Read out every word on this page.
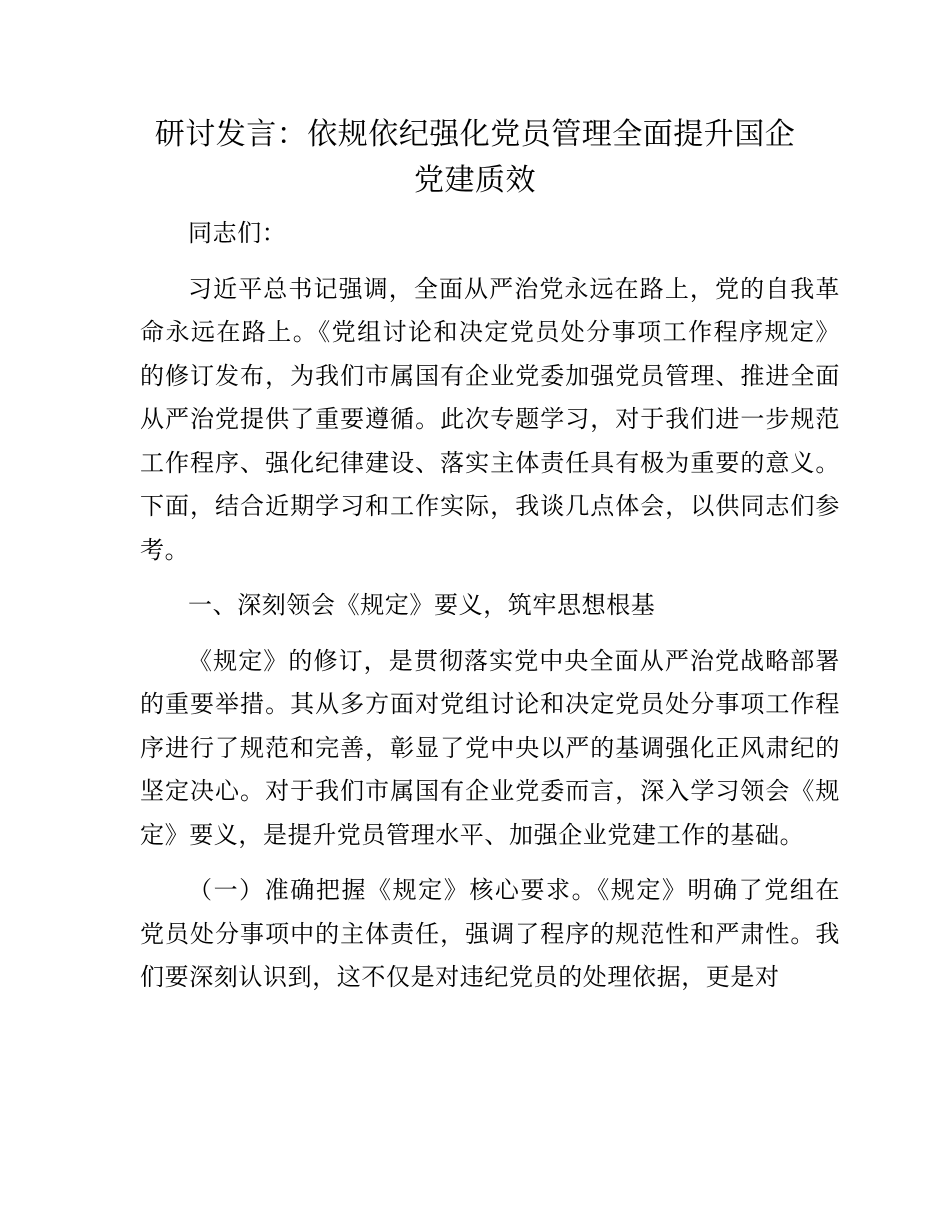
研讨发言：依规依纪强化党员管理全面提升国企党建质效

同志们：

习近平总书记强调，全面从严治党永远在路上，党的自我革命永远在路上。《党组讨论和决定党员处分事项工作程序规定》的修订发布，为我们市属国有企业党委加强党员管理、推进全面从严治党提供了重要遵循。此次专题学习，对于我们进一步规范工作程序、强化纪律建设、落实主体责任具有极为重要的意义。下面，结合近期学习和工作实际，我谈几点体会，以供同志们参考。

一、深刻领会《规定》要义，筑牢思想根基

《规定》的修订，是贯彻落实党中央全面从严治党战略部署的重要举措。其从多方面对党组讨论和决定党员处分事项工作程序进行了规范和完善，彰显了党中央以严的基调强化正风肃纪的坚定决心。对于我们市属国有企业党委而言，深入学习领会《规定》要义，是提升党员管理水平、加强企业党建工作的基础。

（一）准确把握《规定》核心要求。《规定》明确了党组在党员处分事项中的主体责任，强调了程序的规范性和严肃性。我们要深刻认识到，这不仅是对违纪党员的处理依据，更是对
